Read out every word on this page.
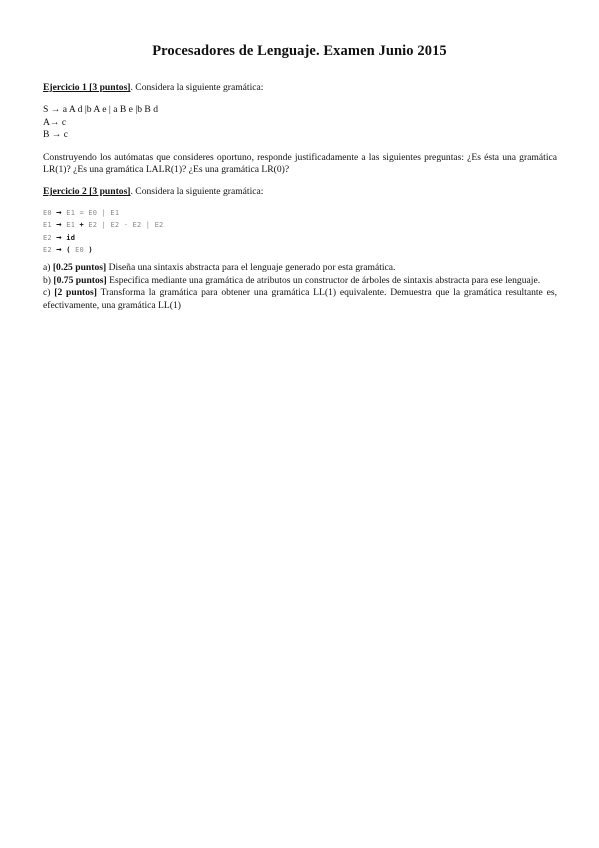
Procesadores de Lenguaje. Examen Junio 2015

Ejercicio 1 [3 puntos]. Considera la siguiente gramática:

S → a A d |b A e | a B e |b B d
A→ c
B → c

Construyendo los autómatas que consideres oportuno, responde justificadamente a las siguientes preguntas: ¿Es ésta una gramática LR(1)? ¿Es una gramática LALR(1)? ¿Es una gramática LR(0)?

Ejercicio 2 [3 puntos]. Considera la siguiente gramática:

E0 → E1 = E0 | E1
E1 → E1 + E2 | E2 - E2 | E2
E2 → id
E2 → ( E0 )

a) [0.25 puntos] Diseña una sintaxis abstracta para el lenguaje generado por esta gramática.

b) [0.75 puntos] Especifica mediante una gramática de atributos un constructor de árboles de sintaxis abstracta para ese lenguaje.

c) [2 puntos] Transforma la gramática para obtener una gramática LL(1) equivalente. Demuestra que la gramática resultante es, efectivamente, una gramática LL(1)
